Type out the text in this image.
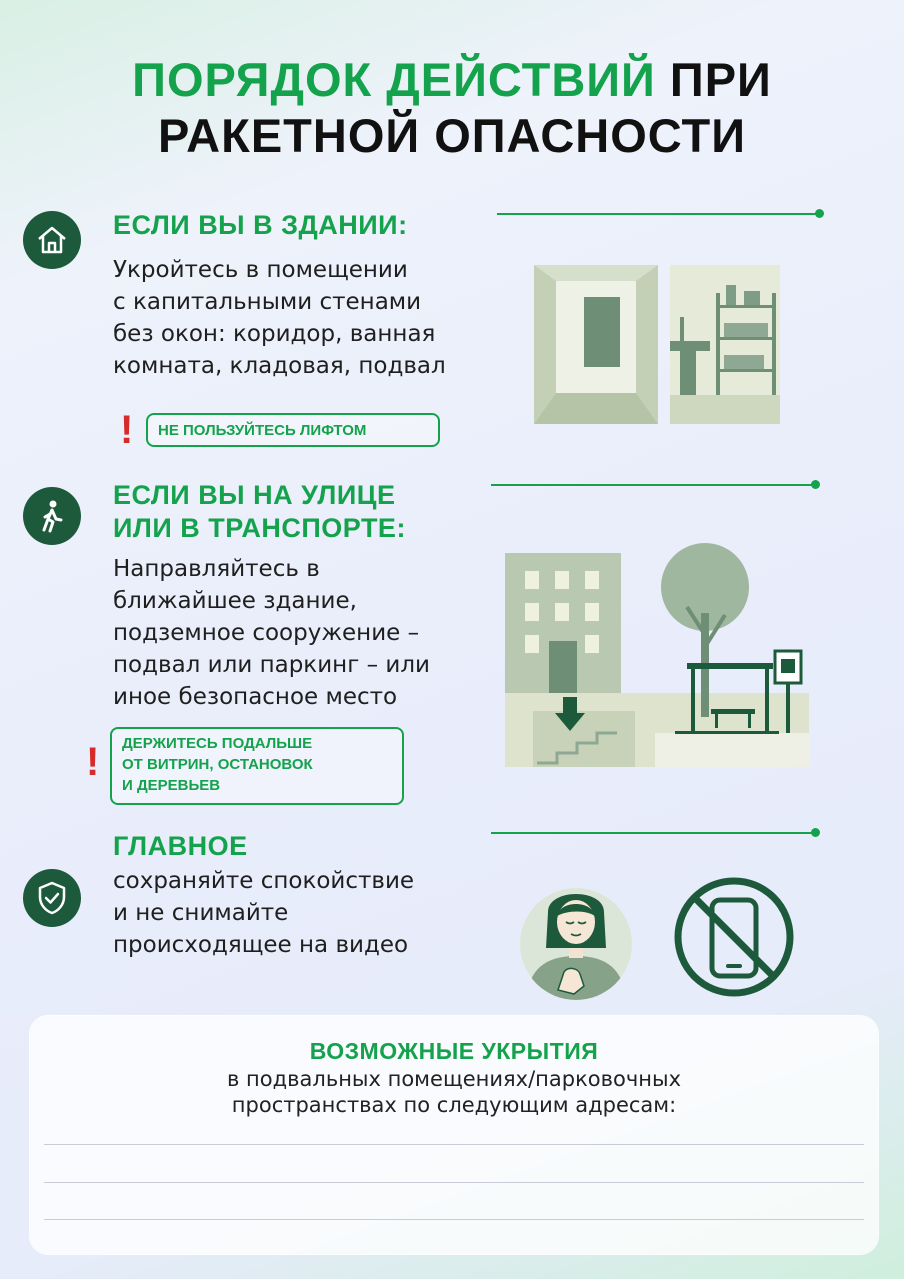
ПОРЯДОК ДЕЙСТВИЙ ПРИ
РАКЕТНОЙ ОПАСНОСТИ
ЕСЛИ ВЫ В ЗДАНИИ:
Укройтесь в помещении
с капитальными стенами
без окон: коридор, ванная
комната, кладовая, подвал
!	НЕ ПОЛЬЗУЙТЕСЬ ЛИФТОМ
ЕСЛИ ВЫ НА УЛИЦЕ
ИЛИ В ТРАНСПОРТЕ:
Направляйтесь в
ближайшее здание,
подземное сооружение –
подвал или паркинг – или
иное безопасное место
! ДЕРЖИТЕСЬ ПОДАЛЬШЕ
ОТ ВИТРИН, ОСТАНОВОК
И ДЕРЕВЬЕВ
ГЛАВНОЕ
сохраняйте спокойствие
и не снимайте
происходящее на видео
ВОЗМОЖНЫЕ УКРЫТИЯ
в подвальных помещениях/парковочных
пространствах по следующим адресам:
